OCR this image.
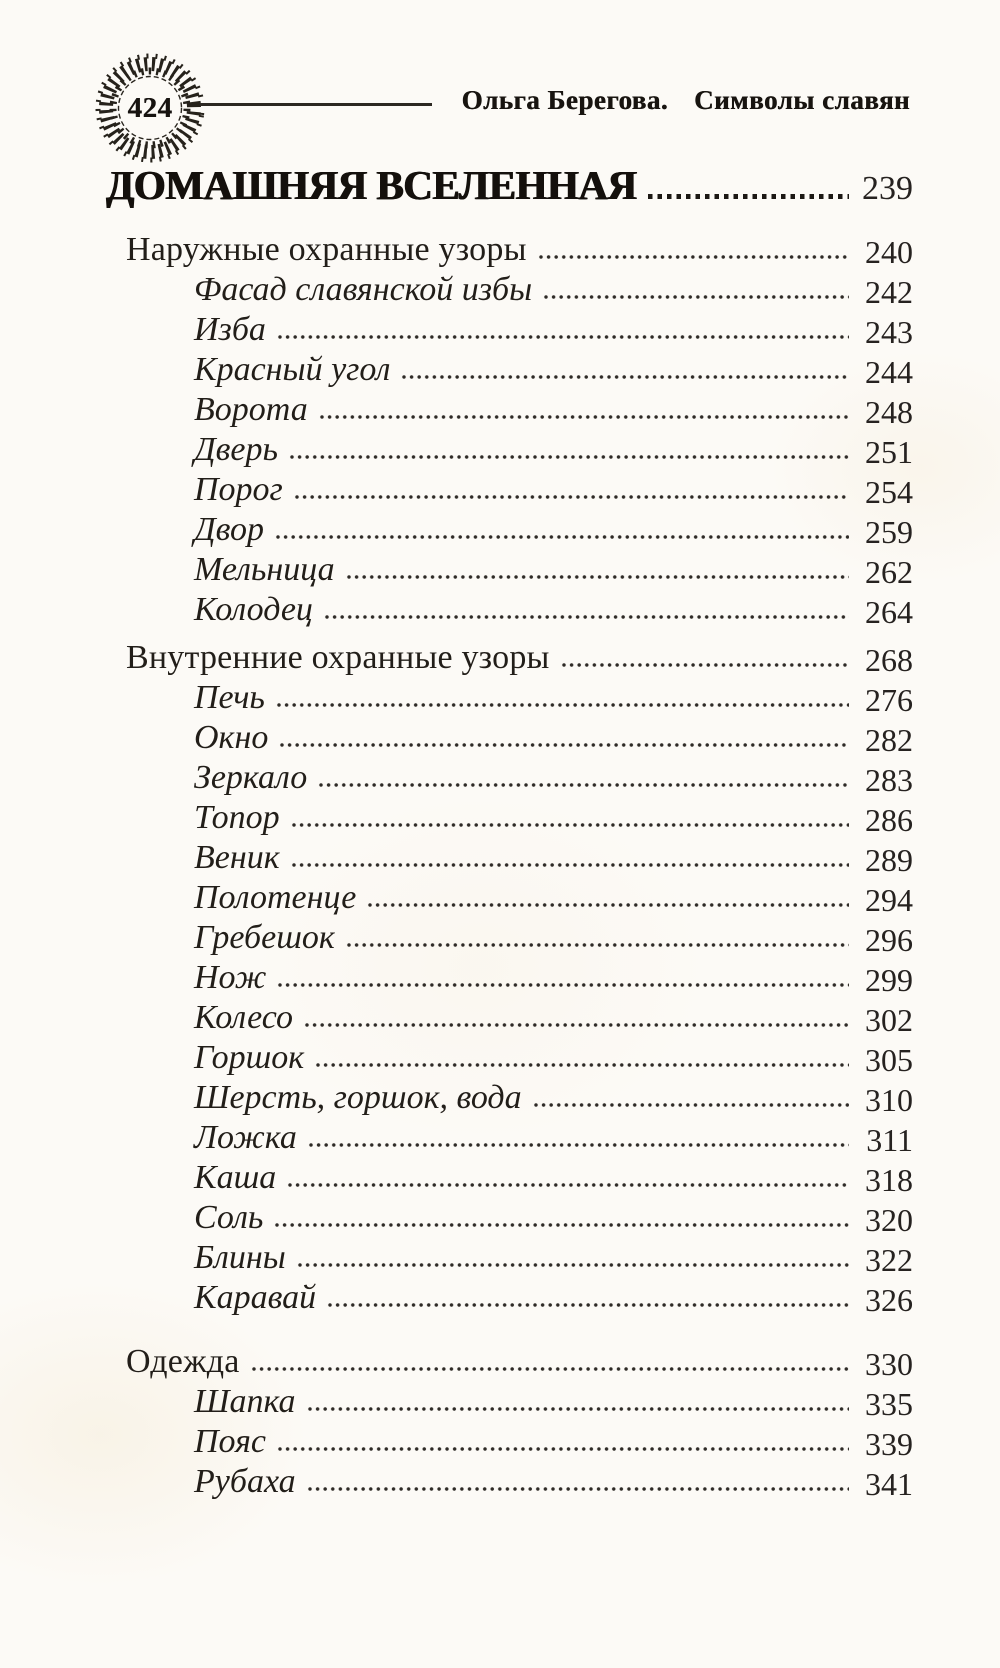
424	Ольга Берегова. Символы славян
ДОМАШНЯЯ ВСЕЛЕННАЯ	239
Наружные охранные узоры	240
Фасад славянской избы	242
Изба	243
Красный угол	244
Ворота	248
Дверь	251
Порог	254
Двор	259
Мельница	262
Колодец	264
Внутренние охранные узоры	268
Печь	276
Окно	282
Зеркало	283
Топор	286
Веник	289
Полотенце	294
Гребешок	296
Нож	299
Колесо	302
Горшок	305
Шерсть, горшок, вода	310
Ложка	311
Каша	318
Соль	320
Блины	322
Каравай	326
Одежда	330
Шапка	335
Пояс	339
Рубаха	341
